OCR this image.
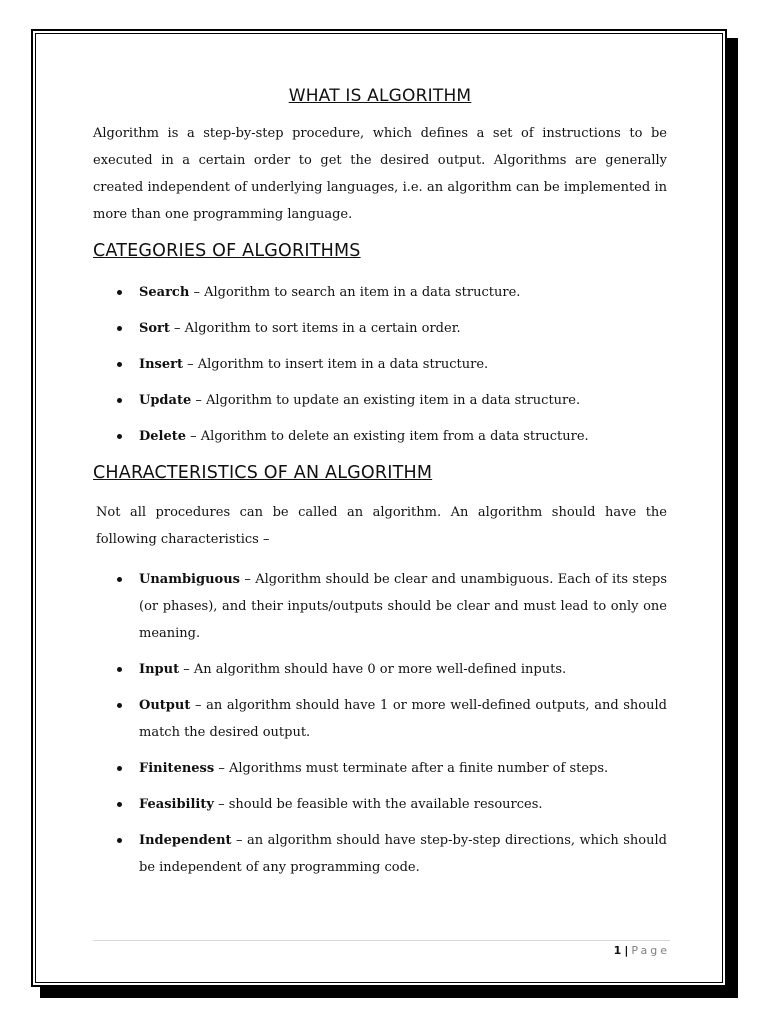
WHAT IS ALGORITHM

Algorithm is a step-by-step procedure, which defines a set of instructions to be executed in a certain order to get the desired output. Algorithms are generally created independent of underlying languages, i.e. an algorithm can be implemented in more than one programming language.

CATEGORIES OF ALGORITHMS
Search – Algorithm to search an item in a data structure.
Sort – Algorithm to sort items in a certain order.
Insert – Algorithm to insert item in a data structure.
Update – Algorithm to update an existing item in a data structure.
Delete – Algorithm to delete an existing item from a data structure.
CHARACTERISTICS OF AN ALGORITHM

Not all procedures can be called an algorithm. An algorithm should have the following characteristics –

Unambiguous – Algorithm should be clear and unambiguous. Each of its steps (or phases), and their inputs/outputs should be clear and must lead to only one meaning.
Input – An algorithm should have 0 or more well-defined inputs.
Output – an algorithm should have 1 or more well-defined outputs, and should match the desired output.
Finiteness – Algorithms must terminate after a finite number of steps.
Feasibility – should be feasible with the available resources.
Independent – an algorithm should have step-by-step directions, which should be independent of any programming code.
1 | Page
